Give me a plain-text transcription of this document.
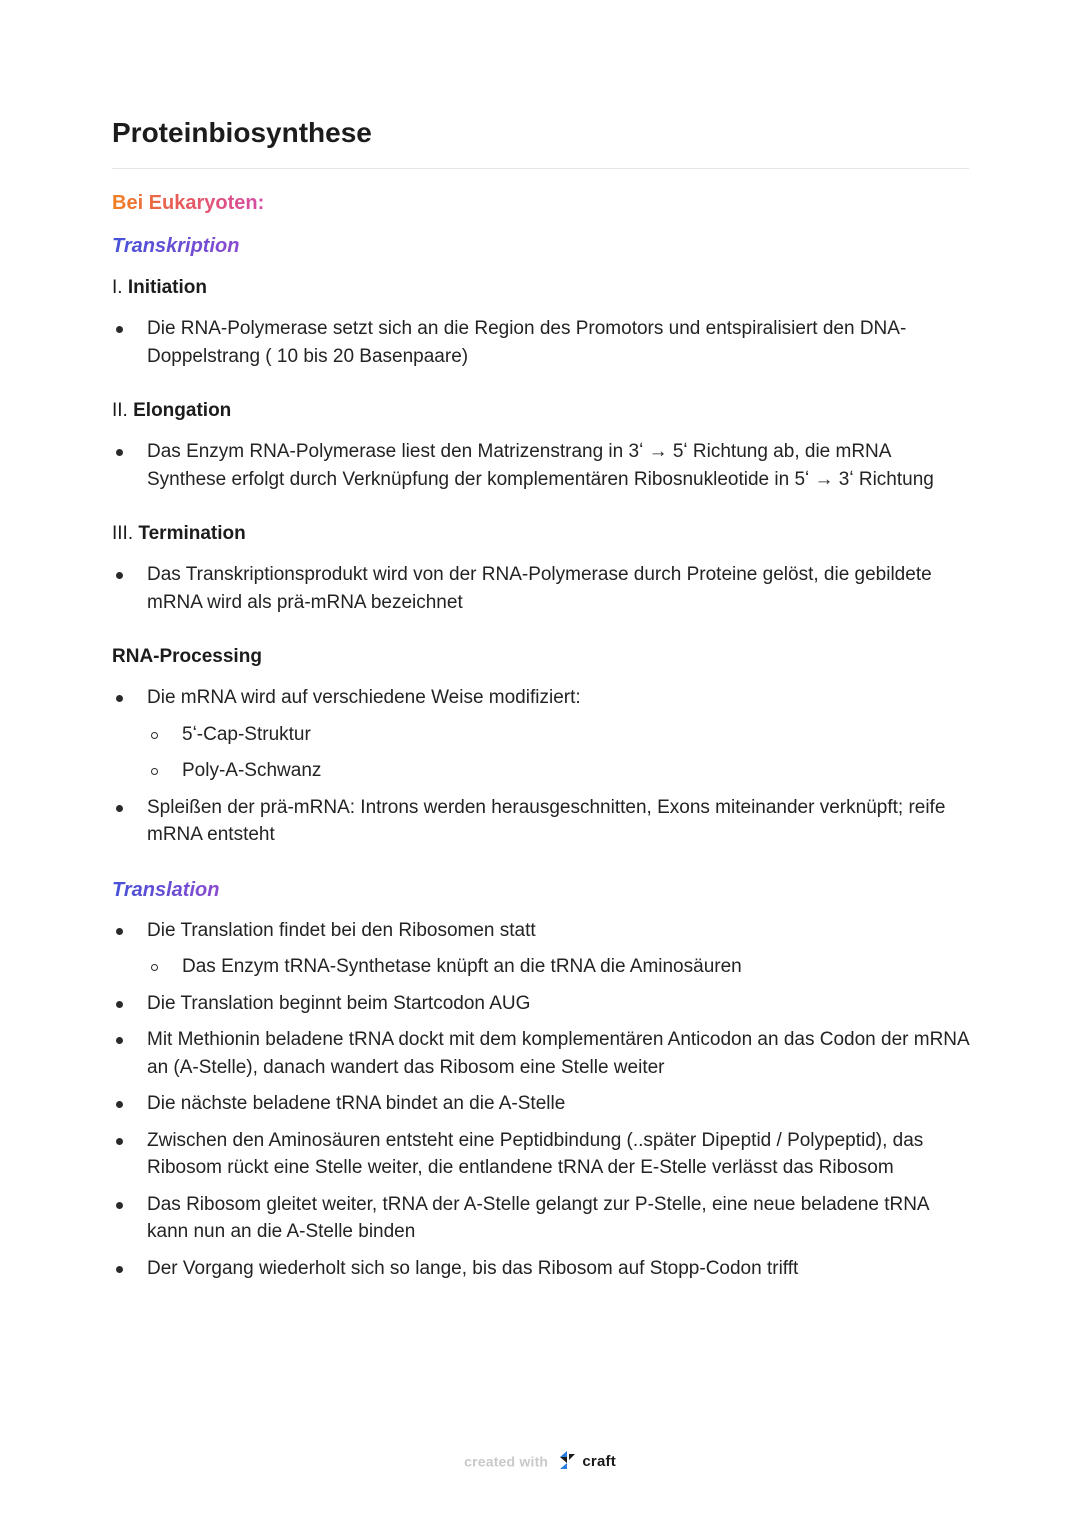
Proteinbiosynthese
Bei Eukaryoten:
Transkription
I. Initiation
Die RNA-Polymerase setzt sich an die Region des Promotors und entspiralisiert den DNA-Doppelstrang ( 10 bis 20 Basenpaare)
II. Elongation
Das Enzym RNA-Polymerase liest den Matrizenstrang in 3ʻ → 5ʻ Richtung ab, die mRNA Synthese erfolgt durch Verknüpfung der komplementären Ribosnukleotide in 5ʻ → 3ʻ Richtung
III. Termination
Das Transkriptionsprodukt wird von der RNA-Polymerase durch Proteine gelöst, die gebildete mRNA wird als prä-mRNA bezeichnet
RNA-Processing
Die mRNA wird auf verschiedene Weise modifiziert:
5ʻ-Cap-Struktur
Poly-A-Schwanz
Spleißen der prä-mRNA: Introns werden herausgeschnitten, Exons miteinander verknüpft; reife mRNA entsteht
Translation
Die Translation findet bei den Ribosomen statt
Das Enzym tRNA-Synthetase knüpft an die tRNA die Aminosäuren
Die Translation beginnt beim Startcodon AUG
Mit Methionin beladene tRNA dockt mit dem komplementären Anticodon an das Codon der mRNA an (A-Stelle), danach wandert das Ribosom eine Stelle weiter
Die nächste beladene tRNA bindet an die A-Stelle
Zwischen den Aminosäuren entsteht eine Peptidbindung (..später Dipeptid / Polypeptid), das Ribosom rückt eine Stelle weiter, die entlandene tRNA der E-Stelle verlässt das Ribosom
Das Ribosom gleitet weiter, tRNA der A-Stelle gelangt zur P-Stelle, eine neue beladene tRNA kann nun an die A-Stelle binden
Der Vorgang wiederholt sich so lange, bis das Ribosom auf Stopp-Codon trifft
created with craft
